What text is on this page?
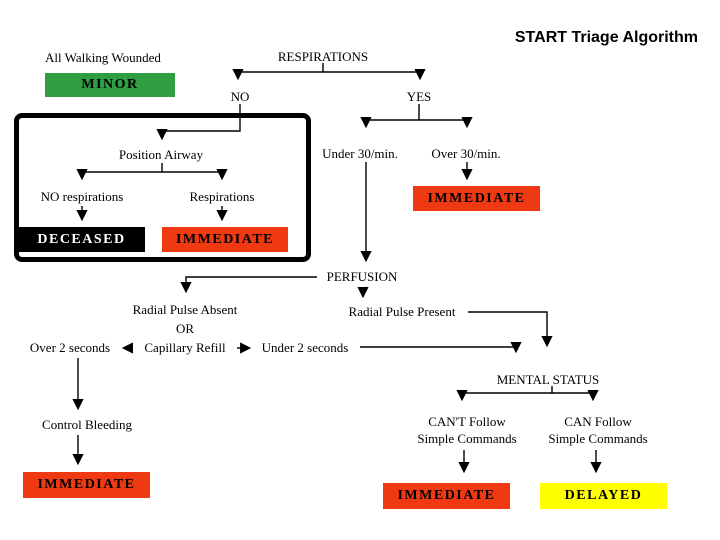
START Triage Algorithm
All Walking Wounded	RESPIRATIONS
NO	YES
Position Airway
NO respirations	Respirations
Under 30/min.	Over 30/min.
PERFUSION
Radial Pulse Absent
OR
Capillary Refill
Over 2 seconds	Under 2 seconds
Radial Pulse Present
Control Bleeding
MENTAL STATUS
CAN'T Follow
Simple Commands
CAN Follow
Simple Commands
MINOR
DECEASED	IMMEDIATE
IMMEDIATE
IMMEDIATE
IMMEDIATE	DELAYED
